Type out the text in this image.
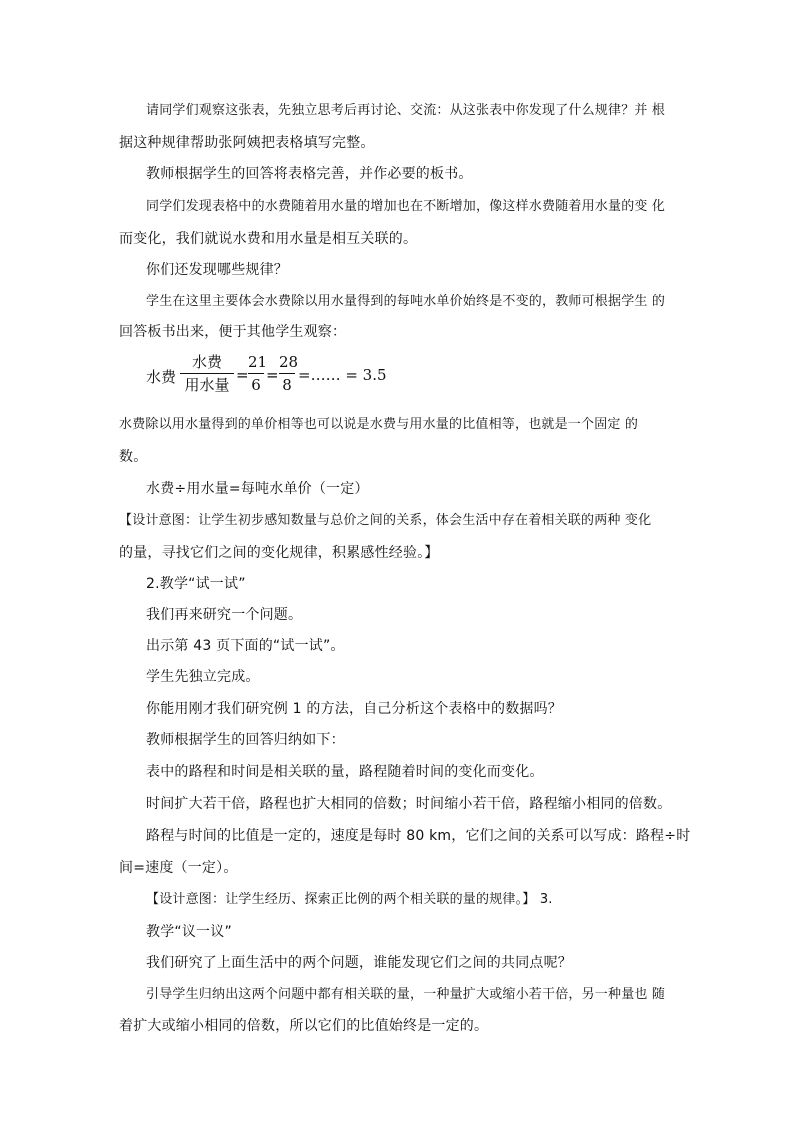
请同学们观察这张表，先独立思考后再讨论、交流：从这张表中你发现了什么规律？并 根
据这种规律帮助张阿姨把表格填写完整。
教师根据学生的回答将表格完善，并作必要的板书。
同学们发现表格中的水费随着用水量的增加也在不断增加，像这样水费随着用水量的变 化
而变化，我们就说水费和用水量是相互关联的。
你们还发现哪些规律？
学生在这里主要体会水费除以用水量得到的每吨水单价始终是不变的，教师可根据学生 的
回答板书出来，便于其他学生观察：
水费
水费
用水量
=
21
6
=
28
8
=…… = 3.5
水费除以用水量得到的单价相等也可以说是水费与用水量的比值相等，也就是一个固定 的
数。
水费÷用水量=每吨水单价（一定）
【设计意图：让学生初步感知数量与总价之间的关系，体会生活中存在着相关联的两种 变化
的量，寻找它们之间的变化规律，积累感性经验。】
2.教学“试一试”
我们再来研究一个问题。
出示第 43 页下面的“试一试”。
学生先独立完成。
你能用刚才我们研究例 1 的方法，自己分析这个表格中的数据吗？
教师根据学生的回答归纳如下：
表中的路程和时间是相关联的量，路程随着时间的变化而变化。
时间扩大若干倍，路程也扩大相同的倍数；时间缩小若干倍，路程缩小相同的倍数。
路程与时间的比值是一定的，速度是每时 80 km，它们之间的关系可以写成：路程÷时
间=速度（一定）。
【设计意图：让学生经历、探索正比例的两个相关联的量的规律。】 3.
教学“议一议”
我们研究了上面生活中的两个问题，谁能发现它们之间的共同点呢？
引导学生归纳出这两个问题中都有相关联的量，一种量扩大或缩小若干倍，另一种量也 随
着扩大或缩小相同的倍数，所以它们的比值始终是一定的。
